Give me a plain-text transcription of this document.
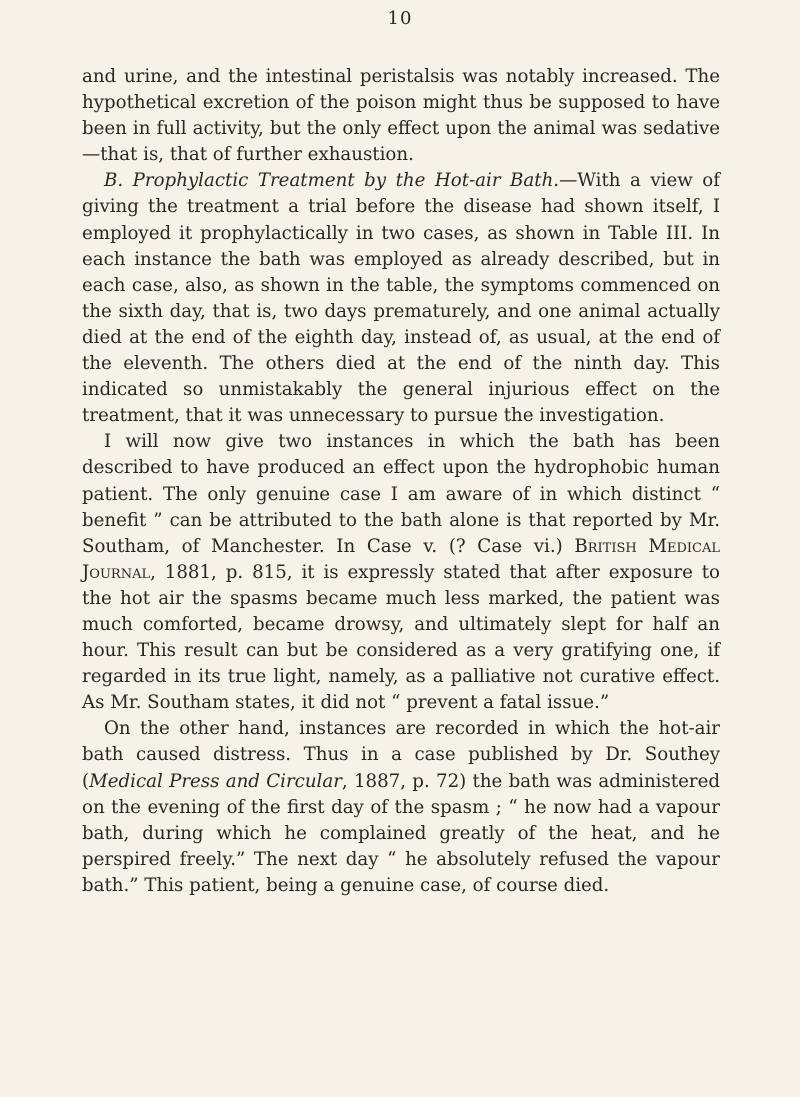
10

and urine, and the intestinal peristalsis was notably increased. The hypothetical excretion of the poison might thus be supposed to have been in full activity, but the only effect upon the animal was sedative —that is, that of further exhaustion.

B. Prophylactic Treatment by the Hot-air Bath.—With a view of giving the treatment a trial before the disease had shown itself, I employed it prophylactically in two cases, as shown in Table III. In each instance the bath was employed as already described, but in each case, also, as shown in the table, the symptoms commenced on the sixth day, that is, two days prematurely, and one animal actually died at the end of the eighth day, instead of, as usual, at the end of the eleventh. The others died at the end of the ninth day. This indicated so unmistakably the general injurious effect on the treatment, that it was unnecessary to pursue the investigation.

I will now give two instances in which the bath has been described to have produced an effect upon the hydrophobic human patient. The only genuine case I am aware of in which distinct “ benefit ” can be attributed to the bath alone is that reported by Mr. Southam, of Manchester. In Case v. (? Case vi.) British Medical Journal, 1881, p. 815, it is expressly stated that after exposure to the hot air the spasms became much less marked, the patient was much comforted, became drowsy, and ultimately slept for half an hour. This result can but be considered as a very gratifying one, if regarded in its true light, namely, as a palliative not curative effect. As Mr. Southam states, it did not “ prevent a fatal issue.”

On the other hand, instances are recorded in which the hot-air bath caused distress. Thus in a case published by Dr. Southey (Medical Press and Circular, 1887, p. 72) the bath was administered on the evening of the first day of the spasm ; “ he now had a vapour bath, during which he complained greatly of the heat, and he perspired freely.” The next day “ he absolutely refused the vapour bath.” This patient, being a genuine case, of course died.
